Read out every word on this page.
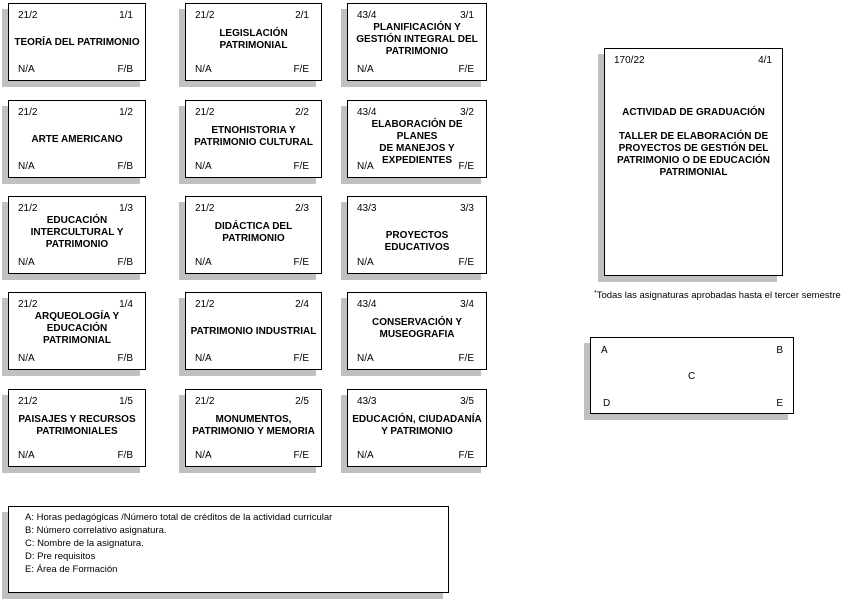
21/2	1/1
TEORÍA DEL PATRIMONIO
N/A	F/B
21/2	1/2
ARTE AMERICANO
N/A	F/B
21/2	1/3
EDUCACIÓN
INTERCULTURAL Y
PATRIMONIO
N/A	F/B
21/2	1/4
ARQUEOLOGÍA Y
EDUCACIÓN
PATRIMONIAL
N/A	F/B
21/2	1/5
PAISAJES Y RECURSOS
PATRIMONIALES
N/A	F/B
21/2	2/1
LEGISLACIÓN
PATRIMONIAL
N/A	F/E
21/2	2/2
ETNOHISTORIA Y
PATRIMONIO CULTURAL
N/A	F/E
21/2	2/3
DIDÁCTICA DEL
PATRIMONIO
N/A	F/E
21/2	2/4
PATRIMONIO INDUSTRIAL
N/A	F/E
21/2	2/5
MONUMENTOS,
PATRIMONIO Y MEMORIA
N/A	F/E
43/4	3/1
PLANIFICACIÓN Y
GESTIÓN INTEGRAL DEL
PATRIMONIO
N/A	F/E
43/4	3/2
ELABORACIÓN DE PLANES
DE MANEJOS Y
EXPEDIENTES
N/A	F/E
43/3	3/3
PROYECTOS EDUCATIVOS
N/A	F/E
43/4	3/4
CONSERVACIÓN Y
MUSEOGRAFIA
N/A	F/E
43/3	3/5
EDUCACIÓN, CIUDADANÍA
Y PATRIMONIO
N/A	F/E
170/22	4/1
ACTIVIDAD DE GRADUACIÓN
TALLER DE ELABORACIÓN DE
PROYECTOS DE GESTIÓN DEL
PATRIMONIO O DE EDUCACIÓN
PATRIMONIAL
*Todas las asignaturas aprobadas hasta el tercer semestre
A	B
C
D	E
A: Horas pedagógicas /Número total de créditos de la actividad curricular
B: Número correlativo asignatura.
C: Nombre de la asignatura.
D: Pre requisitos
E: Área de Formación
